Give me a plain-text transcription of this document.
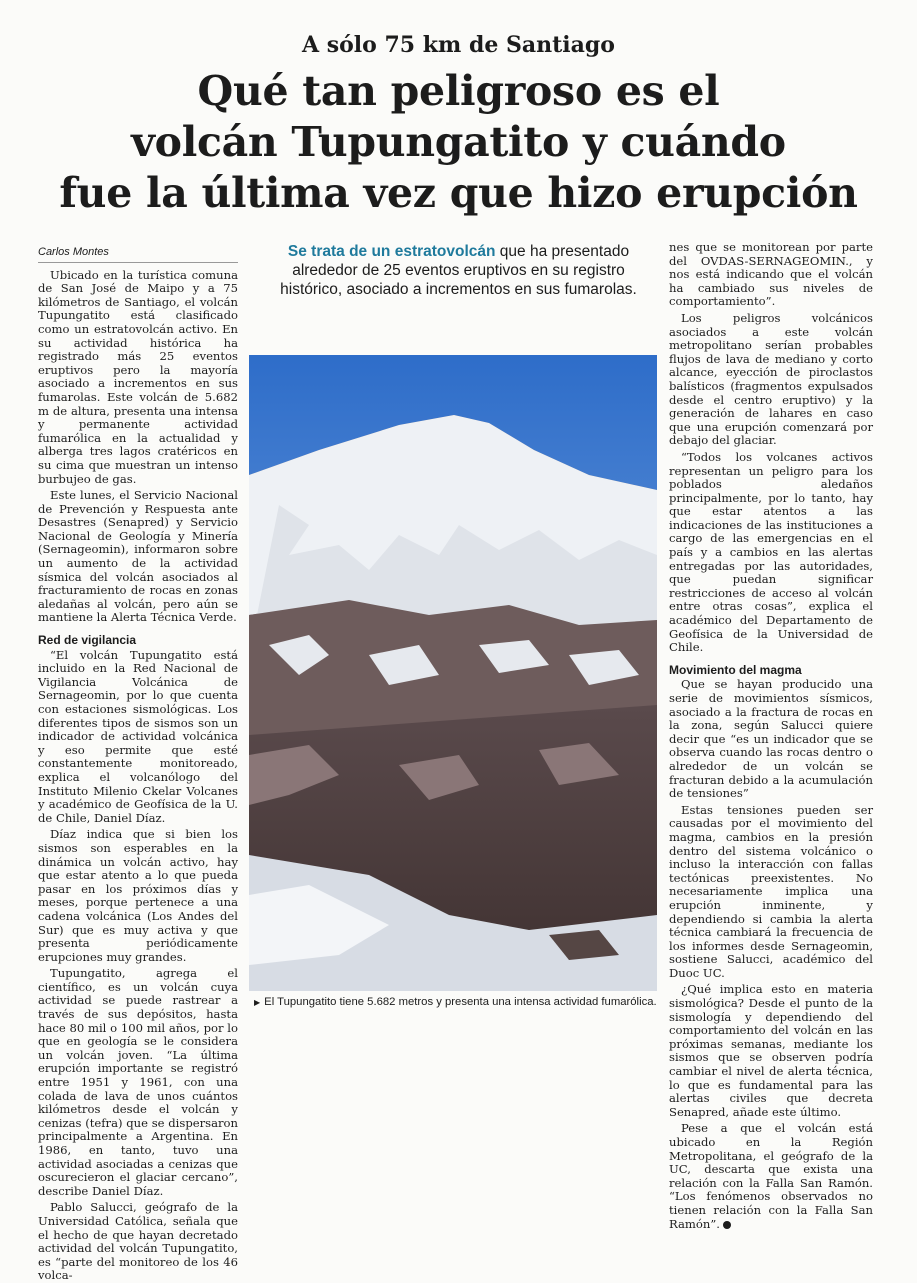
A sólo 75 km de Santiago
Qué tan peligroso es el
volcán Tupungatito y cuándo
fue la última vez que hizo erupción
Carlos Montes

Ubicado en la turística comuna de San José de Maipo y a 75 kilómetros de Santiago, el volcán Tupungatito está clasificado como un estratovolcán activo. En su actividad histórica ha registrado más 25 eventos eruptivos pero la mayoría asociado a incrementos en sus fumarolas. Este volcán de 5.682 m de altura, presenta una intensa y permanente actividad fumarólica en la actualidad y alberga tres lagos cratéricos en su cima que muestran un intenso burbujeo de gas.

Este lunes, el Servicio Nacional de Prevención y Respuesta ante Desastres (Senapred) y Servicio Nacional de Geología y Minería (Sernageomin), informaron sobre un aumento de la actividad sísmica del volcán asociados al fracturamiento de rocas en zonas aledañas al volcán, pero aún se mantiene la Alerta Técnica Verde.

Red de vigilancia

“El volcán Tupungatito está incluido en la Red Nacional de Vigilancia Volcánica de Sernageomin, por lo que cuenta con estaciones sismológicas. Los diferentes tipos de sismos son un indicador de actividad volcánica y eso permite que esté constantemente monitoreado, explica el volcanólogo del Instituto Milenio Ckelar Volcanes y académico de Geofísica de la U. de Chile, Daniel Díaz.

Díaz indica que si bien los sismos son esperables en la dinámica un volcán activo, hay que estar atento a lo que pueda pasar en los próximos días y meses, porque pertenece a una cadena volcánica (Los Andes del Sur) que es muy activa y que presenta periódicamente erupciones muy grandes.

Tupungatito, agrega el científico, es un volcán cuya actividad se puede rastrear a través de sus depósitos, hasta hace 80 mil o 100 mil años, por lo que en geología se le considera un volcán joven. “La última erupción importante se registró entre 1951 y 1961, con una colada de lava de unos cuántos kilómetros desde el volcán y cenizas (tefra) que se dispersaron principalmente a Argentina. En 1986, en tanto, tuvo una actividad asociadas a cenizas que oscurecieron el glaciar cercano”, describe Daniel Díaz.

Pablo Salucci, geógrafo de la Universidad Católica, señala que el hecho de que hayan decretado actividad del volcán Tupungatito, es “parte del monitoreo de los 46 volca-

Se trata de un estratovolcán que ha presentado alrededor de 25 eventos eruptivos en su registro histórico, asociado a incrementos en sus fumarolas.
▶ El Tupungatito tiene 5.682 metros y presenta una intensa actividad fumarólica.

nes que se monitorean por parte del OVDAS-SERNAGEOMIN., y nos está indicando que el volcán ha cambiado sus niveles de comportamiento”.

Los peligros volcánicos asociados a este volcán metropolitano serían probables flujos de lava de mediano y corto alcance, eyección de piroclastos balísticos (fragmentos expulsados desde el centro eruptivo) y la generación de lahares en caso que una erupción comenzará por debajo del glaciar.

“Todos los volcanes activos representan un peligro para los poblados aledaños principalmente, por lo tanto, hay que estar atentos a las indicaciones de las instituciones a cargo de las emergencias en el país y a cambios en las alertas entregadas por las autoridades, que puedan significar restricciones de acceso al volcán entre otras cosas”, explica el académico del Departamento de Geofísica de la Universidad de Chile.

Movimiento del magma

Que se hayan producido una serie de movimientos sísmicos, asociado a la fractura de rocas en la zona, según Salucci quiere decir que “es un indicador que se observa cuando las rocas dentro o alrededor de un volcán se fracturan debido a la acumulación de tensiones”

Estas tensiones pueden ser causadas por el movimiento del magma, cambios en la presión dentro del sistema volcánico o incluso la interacción con fallas tectónicas preexistentes. No necesariamente implica una erupción inminente, y dependiendo si cambia la alerta técnica cambiará la frecuencia de los informes desde Sernageomin, sostiene Salucci, académico del Duoc UC.

¿Qué implica esto en materia sismológica? Desde el punto de la sismología y dependiendo del comportamiento del volcán en las próximas semanas, mediante los sismos que se observen podría cambiar el nivel de alerta técnica, lo que es fundamental para las alertas civiles que decreta Senapred, añade este último.

Pese a que el volcán está ubicado en la Región Metropolitana, el geógrafo de la UC, descarta que exista una relación con la Falla San Ramón. “Los fenómenos observados no tienen relación con la Falla San Ramón”.
